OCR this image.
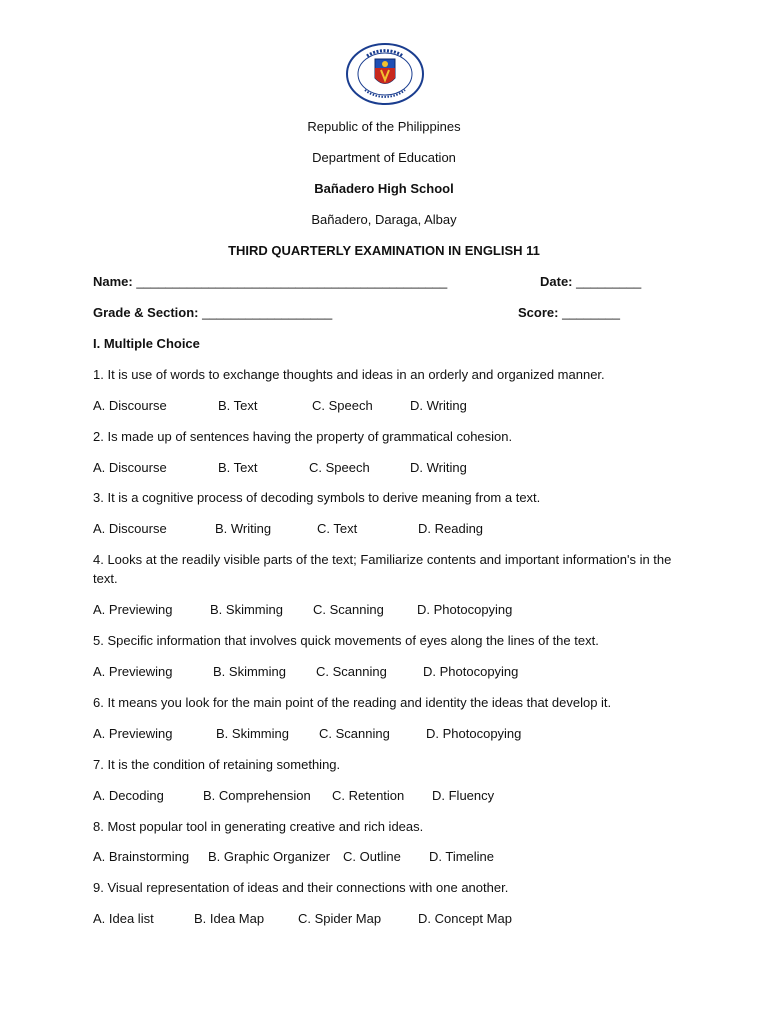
Republic of the Philippines
Department of Education
Bañadero High School
Bañadero, Daraga, Albay
THIRD QUARTERLY EXAMINATION IN ENGLISH 11
Name: ___________________________________________	Date: _________
Grade & Section: __________________	Score: ________
I. Multiple Choice
1. It is use of words to exchange thoughts and ideas in an orderly and organized manner.
A. Discourse	B. Text	C. Speech	D. Writing
2. Is made up of sentences having the property of grammatical cohesion.
A. Discourse	B. Text	C. Speech	D. Writing
3. It is a cognitive process of decoding symbols to derive meaning from a text.
A. Discourse	B. Writing	C. Text	D. Reading
4. Looks at the readily visible parts of the text; Familiarize contents and important information's in the text.
A. Previewing	B. Skimming C. Scanning	D. Photocopying
5. Specific information that involves quick movements of eyes along the lines of the text.
A. Previewing	B. Skimming C. Scanning	D. Photocopying
6. It means you look for the main point of the reading and identity the ideas that develop it.
A. Previewing	B. Skimming C. Scanning	D. Photocopying
7. It is the condition of retaining something.
A. Decoding	B. Comprehension C. Retention D. Fluency
8. Most popular tool in generating creative and rich ideas.
A. Brainstorming B. Graphic Organizer C. Outline D. Timeline
9. Visual representation of ideas and their connections with one another.
A. Idea list	B. Idea Map	C. Spider Map	D. Concept Map
